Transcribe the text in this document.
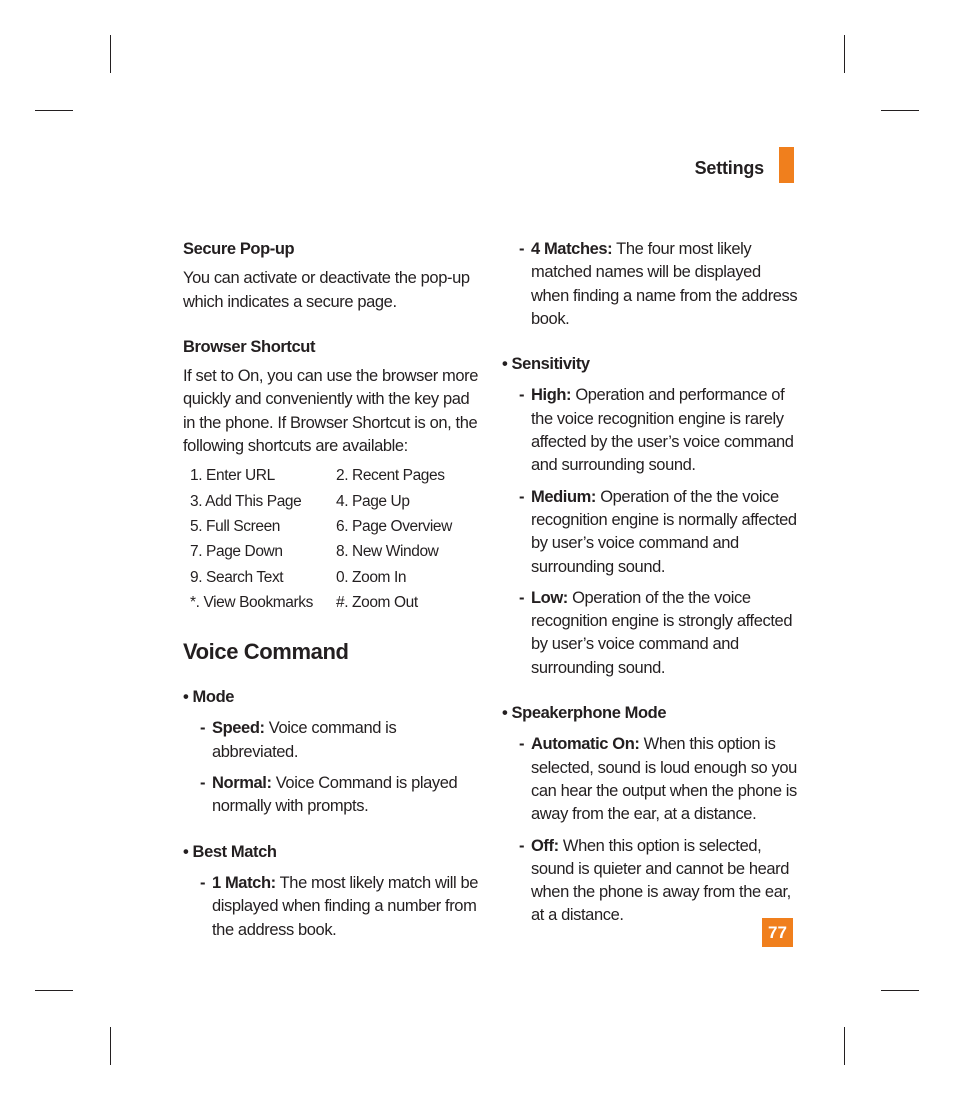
Settings

Secure Pop-up

You can activate or deactivate the pop-up which indicates a secure page.

Browser Shortcut

If set to On, you can use the browser more quickly and conveniently with the key pad in the phone. If Browser Shortcut is on, the following shortcuts are available:

1. Enter URL	2. Recent Pages
3. Add This Page	4. Page Up
5. Full Screen	6. Page Overview
7. Page Down	8. New Window
9. Search Text	0. Zoom In
*. View Bookmarks	#. Zoom Out

Voice Command

• Mode

- Speed: Voice command is abbreviated.
- Normal: Voice Command is played normally with prompts.

• Best Match

- 1 Match: The most likely match will be displayed when finding a number from the address book.
- 4 Matches: The four most likely matched names will be displayed when finding a name from the address book.

• Sensitivity

- High: Operation and performance of the voice recognition engine is rarely affected by the user’s voice command and surrounding sound.
- Medium: Operation of the the voice recognition engine is normally affected by user’s voice command and surrounding sound.
- Low: Operation of the the voice recognition engine is strongly affected by user’s voice command and surrounding sound.

• Speakerphone Mode

- Automatic On: When this option is selected, sound is loud enough so you can hear the output when the phone is away from the ear, at a distance.
- Off: When this option is selected, sound is quieter and cannot be heard when the phone is away from the ear, at a distance.
77
